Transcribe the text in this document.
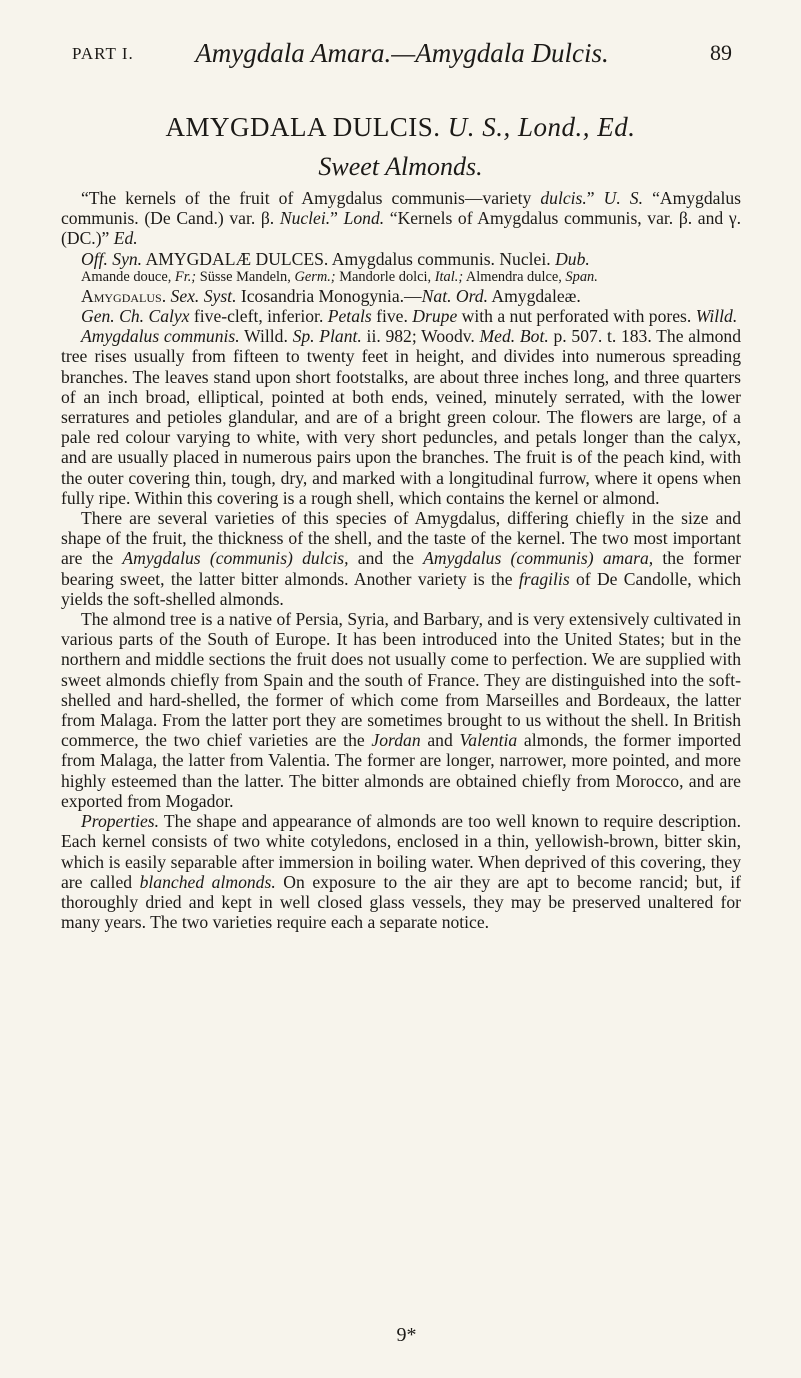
PART I.	Amygdala Amara.—Amygdala Dulcis.	89
AMYGDALA DULCIS. U. S., Lond., Ed.
Sweet Almonds.

“The kernels of the fruit of Amygdalus communis—variety dulcis.” U. S. “Amygdalus communis. (De Cand.) var. β. Nuclei.” Lond. “Kernels of Amygdalus communis, var. β. and γ. (DC.)” Ed.

Off. Syn. AMYGDALÆ DULCES. Amygdalus communis. Nuclei. Dub.

Amande douce, Fr.; Süsse Mandeln, Germ.; Mandorle dolci, Ital.; Almendra dulce, Span.

Amygdalus. Sex. Syst. Icosandria Monogynia.—Nat. Ord. Amygdaleæ.

Gen. Ch. Calyx five-cleft, inferior. Petals five. Drupe with a nut perforated with pores. Willd.

Amygdalus communis. Willd. Sp. Plant. ii. 982; Woodv. Med. Bot. p. 507. t. 183. The almond tree rises usually from fifteen to twenty feet in height, and divides into numerous spreading branches. The leaves stand upon short footstalks, are about three inches long, and three quarters of an inch broad, elliptical, pointed at both ends, veined, minutely serrated, with the lower serratures and petioles glandular, and are of a bright green colour. The flowers are large, of a pale red colour varying to white, with very short peduncles, and petals longer than the calyx, and are usually placed in numerous pairs upon the branches. The fruit is of the peach kind, with the outer covering thin, tough, dry, and marked with a longitudinal furrow, where it opens when fully ripe. Within this covering is a rough shell, which contains the kernel or almond.

There are several varieties of this species of Amygdalus, differing chiefly in the size and shape of the fruit, the thickness of the shell, and the taste of the kernel. The two most important are the Amygdalus (communis) dulcis, and the Amygdalus (communis) amara, the former bearing sweet, the latter bitter almonds. Another variety is the fragilis of De Candolle, which yields the soft-shelled almonds.

The almond tree is a native of Persia, Syria, and Barbary, and is very extensively cultivated in various parts of the South of Europe. It has been introduced into the United States; but in the northern and middle sections the fruit does not usually come to perfection. We are supplied with sweet almonds chiefly from Spain and the south of France. They are distinguished into the soft-shelled and hard-shelled, the former of which come from Marseilles and Bordeaux, the latter from Malaga. From the latter port they are sometimes brought to us without the shell. In British commerce, the two chief varieties are the Jordan and Valentia almonds, the former imported from Malaga, the latter from Valentia. The former are longer, narrower, more pointed, and more highly esteemed than the latter. The bitter almonds are obtained chiefly from Morocco, and are exported from Mogador.

Properties. The shape and appearance of almonds are too well known to require description. Each kernel consists of two white cotyledons, enclosed in a thin, yellowish-brown, bitter skin, which is easily separable after immersion in boiling water. When deprived of this covering, they are called blanched almonds. On exposure to the air they are apt to become rancid; but, if thoroughly dried and kept in well closed glass vessels, they may be preserved unaltered for many years. The two varieties require each a separate notice.

9*
